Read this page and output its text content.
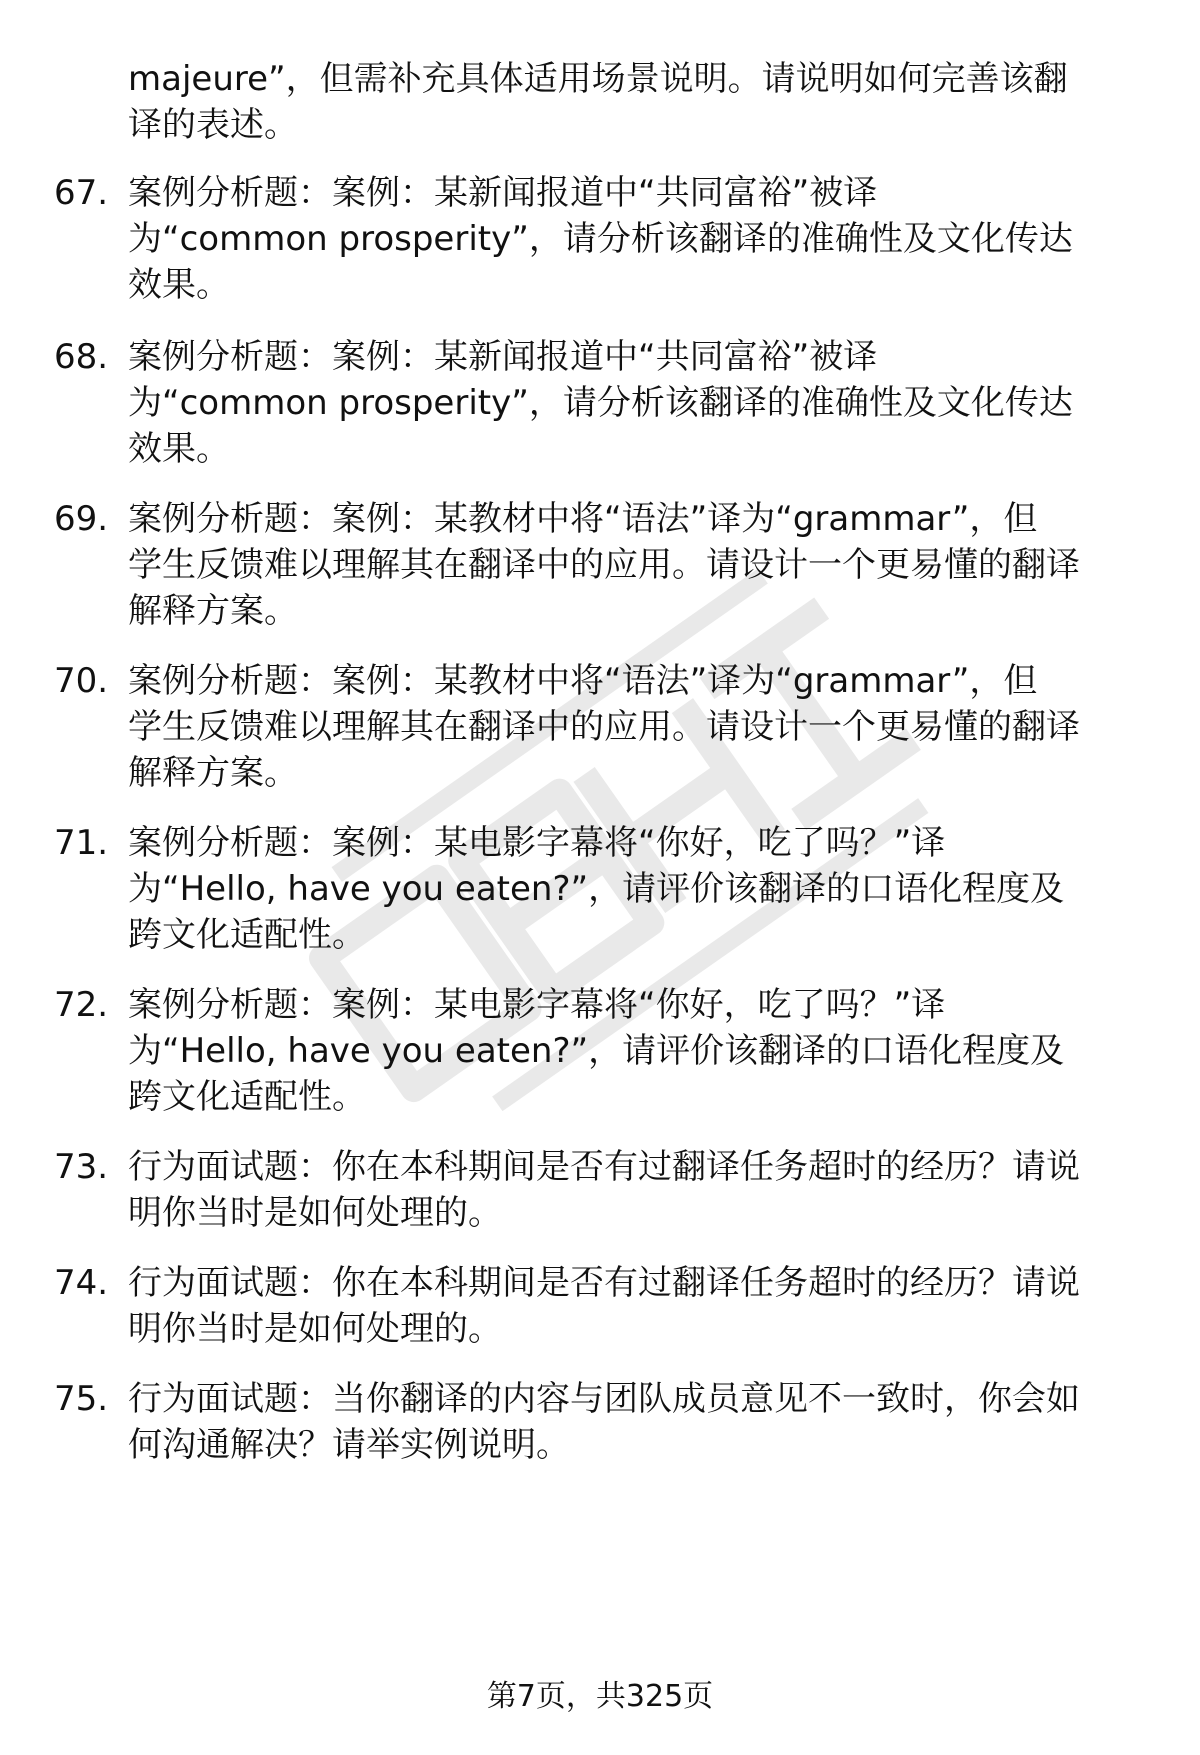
majeure”，但需补充具体适用场景说明。请说明如何完善该翻
译的表述。
67. 案例分析题：案例：某新闻报道中“共同富裕”被译
为“common prosperity”，请分析该翻译的准确性及文化传达
效果。
68. 案例分析题：案例：某新闻报道中“共同富裕”被译
为“common prosperity”，请分析该翻译的准确性及文化传达
效果。
69. 案例分析题：案例：某教材中将“语法”译为“grammar”，但
学生反馈难以理解其在翻译中的应用。请设计一个更易懂的翻译
解释方案。
70. 案例分析题：案例：某教材中将“语法”译为“grammar”，但
学生反馈难以理解其在翻译中的应用。请设计一个更易懂的翻译
解释方案。
71. 案例分析题：案例：某电影字幕将“你好，吃了吗？”译
为“Hello, have you eaten?”，请评价该翻译的口语化程度及
跨文化适配性。
72. 案例分析题：案例：某电影字幕将“你好，吃了吗？”译
为“Hello, have you eaten?”，请评价该翻译的口语化程度及
跨文化适配性。
73. 行为面试题：你在本科期间是否有过翻译任务超时的经历？请说
明你当时是如何处理的。
74. 行为面试题：你在本科期间是否有过翻译任务超时的经历？请说
明你当时是如何处理的。
75. 行为面试题：当你翻译的内容与团队成员意见不一致时，你会如
何沟通解决？请举实例说明。
第7页，共325页
